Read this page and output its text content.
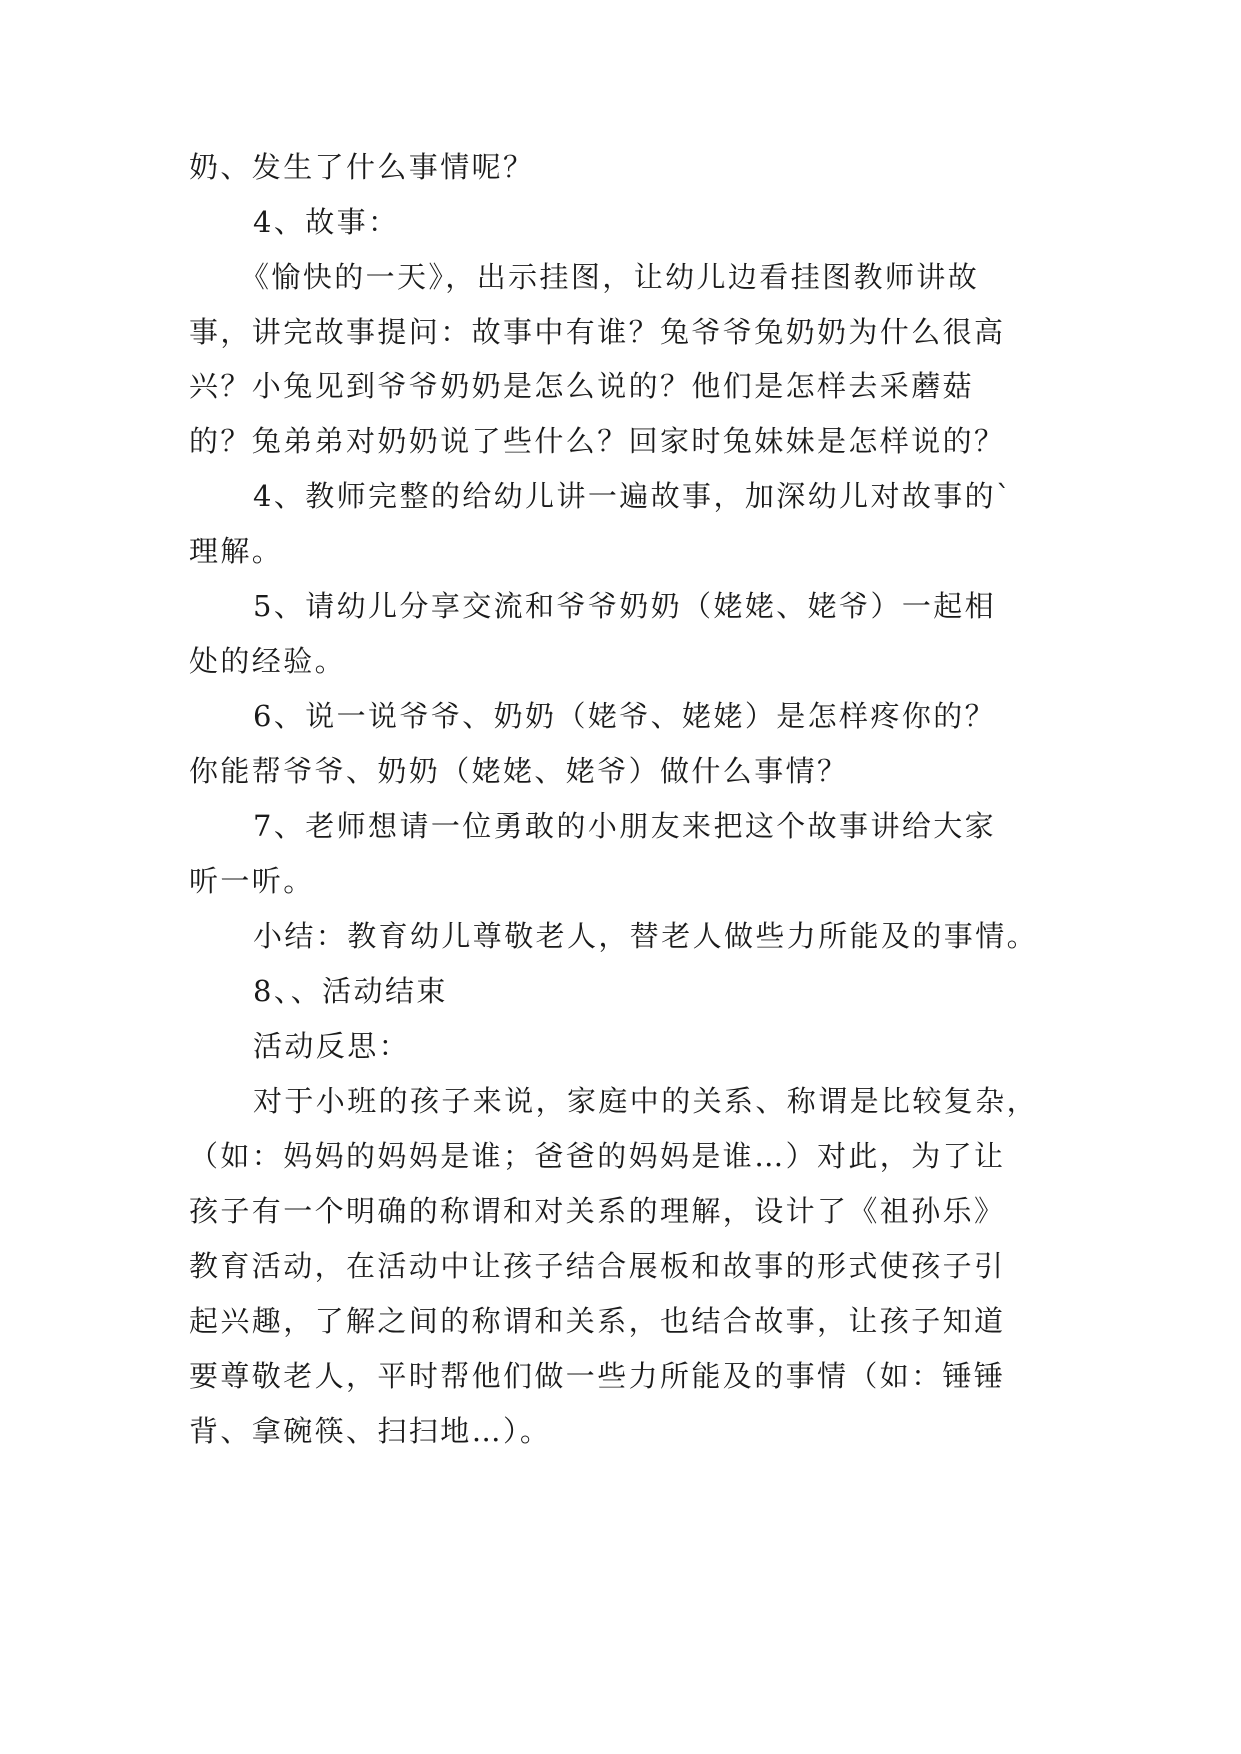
奶、发生了什么事情呢？
4、故事：
《愉快的一天》，出示挂图，让幼儿边看挂图教师讲故
事，讲完故事提问：故事中有谁？兔爷爷兔奶奶为什么很高
兴？小兔见到爷爷奶奶是怎么说的？他们是怎样去采蘑菇
的？兔弟弟对奶奶说了些什么？回家时兔妹妹是怎样说的？
4、教师完整的给幼儿讲一遍故事，加深幼儿对故事的`
理解。
5、请幼儿分享交流和爷爷奶奶（姥姥、姥爷）一起相
处的经验。
6、说一说爷爷、奶奶（姥爷、姥姥）是怎样疼你的？
你能帮爷爷、奶奶（姥姥、姥爷）做什么事情？
7、老师想请一位勇敢的小朋友来把这个故事讲给大家
听一听。
小结：教育幼儿尊敬老人，替老人做些力所能及的事情。
8、、活动结束
活动反思：
对于小班的孩子来说，家庭中的关系、称谓是比较复杂，
（如：妈妈的妈妈是谁；爸爸的妈妈是谁…）对此，为了让
孩子有一个明确的称谓和对关系的理解，设计了《祖孙乐》
教育活动，在活动中让孩子结合展板和故事的形式使孩子引
起兴趣，了解之间的称谓和关系，也结合故事，让孩子知道
要尊敬老人，平时帮他们做一些力所能及的事情（如：锤锤
背、拿碗筷、扫扫地…）。
